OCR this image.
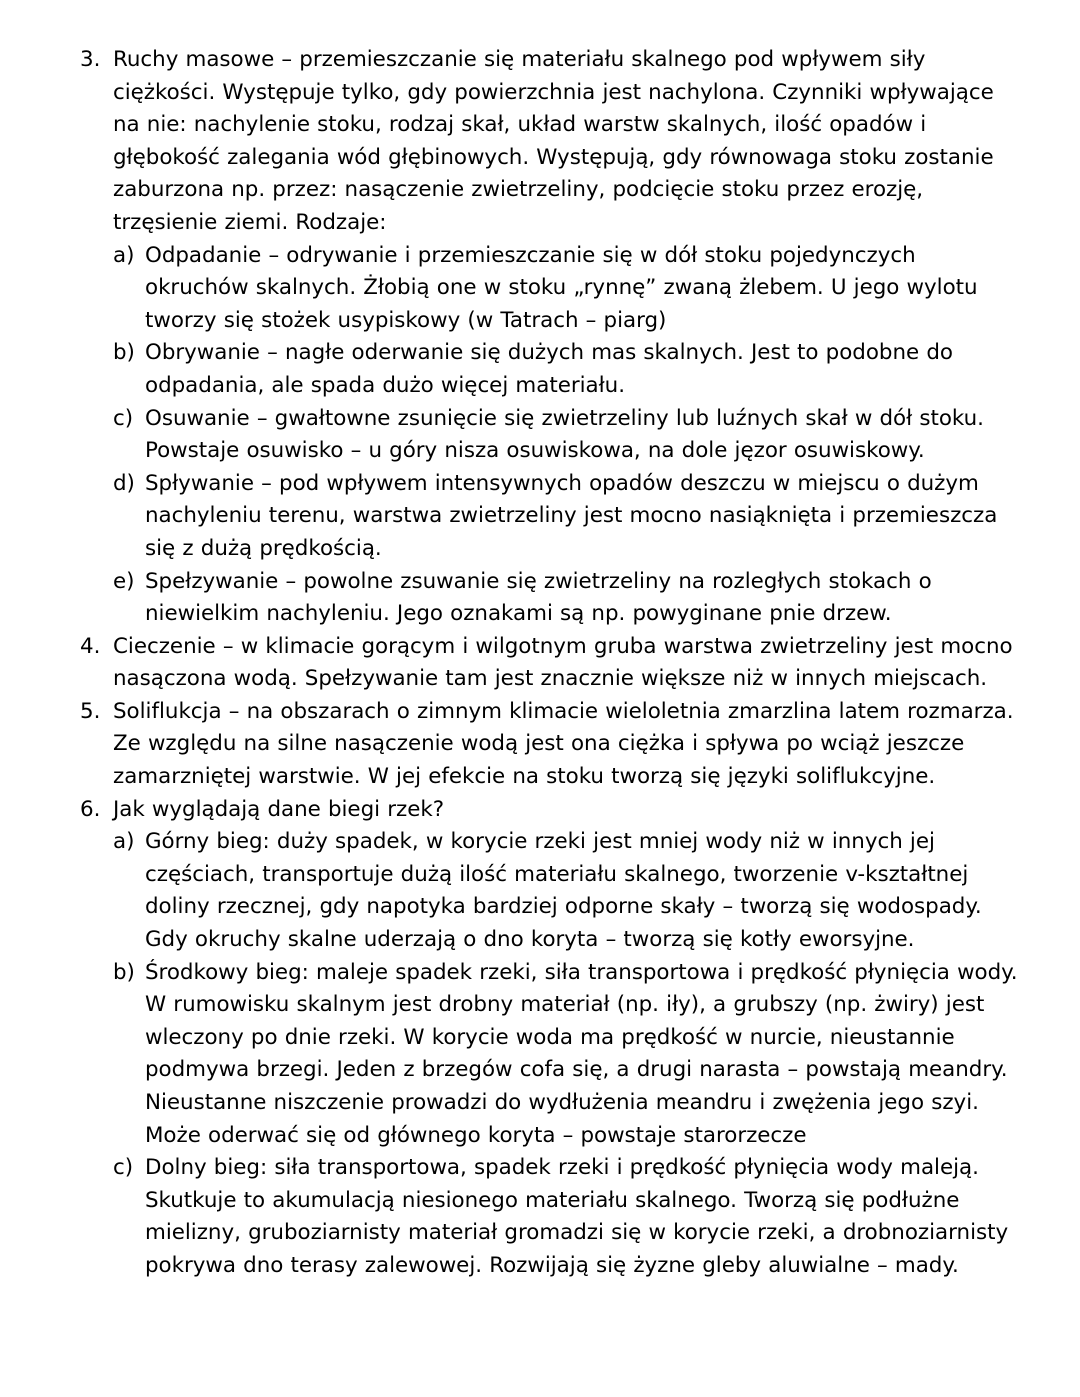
3. Ruchy masowe – przemieszczanie się materiału skalnego pod wpływem siły ciężkości. Występuje tylko, gdy powierzchnia jest nachylona. Czynniki wpływające na nie: nachylenie stoku, rodzaj skał, układ warstw skalnych, ilość opadów i głębokość zalegania wód głębinowych. Występują, gdy równowaga stoku zostanie zaburzona np. przez: nasączenie zwietrzeliny, podcięcie stoku przez erozję, trzęsienie ziemi. Rodzaje:
a) Odpadanie – odrywanie i przemieszczanie się w dół stoku pojedynczych okruchów skalnych. Żłobią one w stoku „rynnę” zwaną żlebem. U jego wylotu tworzy się stożek usypiskowy (w Tatrach – piarg)
b) Obrywanie – nagłe oderwanie się dużych mas skalnych. Jest to podobne do odpadania, ale spada dużo więcej materiału.
c) Osuwanie – gwałtowne zsunięcie się zwietrzeliny lub luźnych skał w dół stoku. Powstaje osuwisko – u góry nisza osuwiskowa, na dole jęzor osuwiskowy.
d) Spływanie – pod wpływem intensywnych opadów deszczu w miejscu o dużym nachyleniu terenu, warstwa zwietrzeliny jest mocno nasiąknięta i przemieszcza się z dużą prędkością.
e) Spełzywanie – powolne zsuwanie się zwietrzeliny na rozległych stokach o niewielkim nachyleniu. Jego oznakami są np. powyginane pnie drzew.
4. Cieczenie – w klimacie gorącym i wilgotnym gruba warstwa zwietrzeliny jest mocno nasączona wodą. Spełzywanie tam jest znacznie większe niż w innych miejscach.
5. Soliflukcja – na obszarach o zimnym klimacie wieloletnia zmarzlina latem rozmarza. Ze względu na silne nasączenie wodą jest ona ciężka i spływa po wciąż jeszcze zamarzniętej warstwie. W jej efekcie na stoku tworzą się języki soliflukcyjne.
6. Jak wyglądają dane biegi rzek?
a) Górny bieg: duży spadek, w korycie rzeki jest mniej wody niż w innych jej częściach, transportuje dużą ilość materiału skalnego, tworzenie v-kształtnej doliny rzecznej, gdy napotyka bardziej odporne skały – tworzą się wodospady. Gdy okruchy skalne uderzają o dno koryta – tworzą się kotły eworsyjne.
b) Środkowy bieg: maleje spadek rzeki, siła transportowa i prędkość płynięcia wody. W rumowisku skalnym jest drobny materiał (np. iły), a grubszy (np. żwiry) jest wleczony po dnie rzeki. W korycie woda ma prędkość w nurcie, nieustannie podmywa brzegi. Jeden z brzegów cofa się, a drugi narasta – powstają meandry. Nieustanne niszczenie prowadzi do wydłużenia meandru i zwężenia jego szyi. Może oderwać się od głównego koryta – powstaje starorzecze
c) Dolny bieg: siła transportowa, spadek rzeki i prędkość płynięcia wody maleją. Skutkuje to akumulacją niesionego materiału skalnego. Tworzą się podłużne mielizny, gruboziarnisty materiał gromadzi się w korycie rzeki, a drobnoziarnisty pokrywa dno terasy zalewowej. Rozwijają się żyzne gleby aluwialne – mady.
